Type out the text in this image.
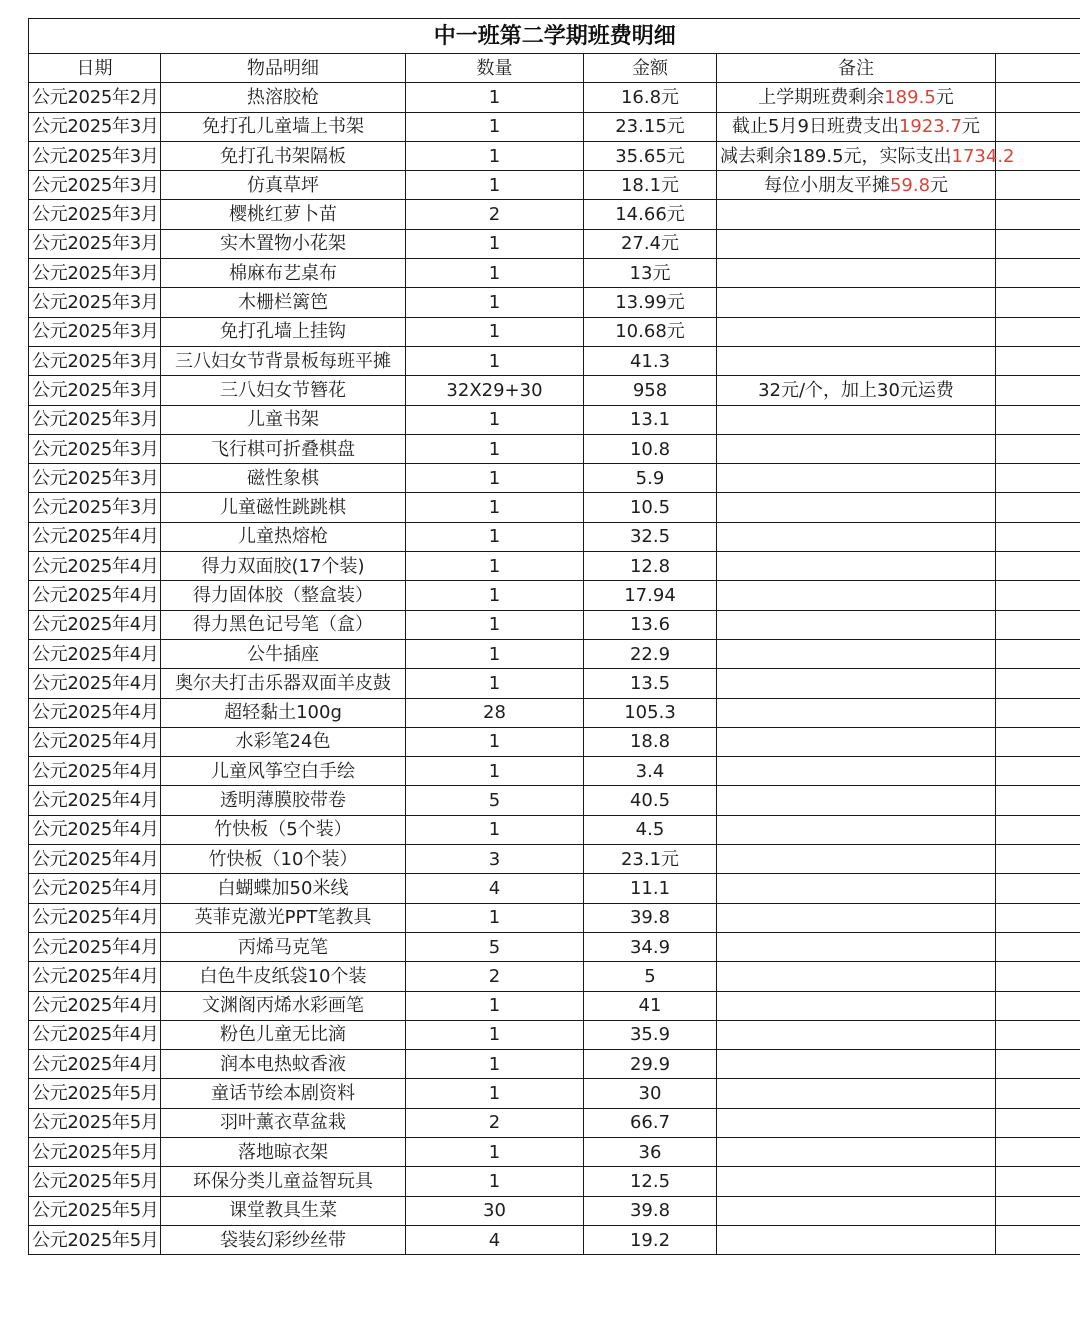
中一班第二学期班费明细					
日期	物品明细	数量	金额	备注	
公元2025年2月	热溶胶枪	1	16.8元	上学期班费剩余189.5元	
公元2025年3月	免打孔儿童墙上书架	1	23.15元	截止5月9日班费支出1923.7元	
公元2025年3月	免打孔书架隔板	1	35.65元	减去剩余189.5元，实际支出1734.2	
公元2025年3月	仿真草坪	1	18.1元	每位小朋友平摊59.8元	
公元2025年3月	樱桃红萝卜苗	2	14.66元		
公元2025年3月	实木置物小花架	1	27.4元		
公元2025年3月	棉麻布艺桌布	1	13元		
公元2025年3月	木栅栏篱笆	1	13.99元		
公元2025年3月	免打孔墙上挂钩	1	10.68元		
公元2025年3月	三八妇女节背景板每班平摊	1	41.3		
公元2025年3月	三八妇女节簪花	32X29+30	958	32元/个，加上30元运费	
公元2025年3月	儿童书架	1	13.1		
公元2025年3月	飞行棋可折叠棋盘	1	10.8		
公元2025年3月	磁性象棋	1	5.9		
公元2025年3月	儿童磁性跳跳棋	1	10.5		
公元2025年4月	儿童热熔枪	1	32.5		
公元2025年4月	得力双面胶(17个装)	1	12.8		
公元2025年4月	得力固体胶（整盒装）	1	17.94		
公元2025年4月	得力黑色记号笔（盒）	1	13.6		
公元2025年4月	公牛插座	1	22.9		
公元2025年4月	奥尔夫打击乐器双面羊皮鼓	1	13.5		
公元2025年4月	超轻黏土100g	28	105.3		
公元2025年4月	水彩笔24色	1	18.8		
公元2025年4月	儿童风筝空白手绘	1	3.4		
公元2025年4月	透明薄膜胶带卷	5	40.5		
公元2025年4月	竹快板（5个装）	1	4.5		
公元2025年4月	竹快板（10个装）	3	23.1元		
公元2025年4月	白蝴蝶加50米线	4	11.1		
公元2025年4月	英菲克激光PPT笔教具	1	39.8		
公元2025年4月	丙烯马克笔	5	34.9		
公元2025年4月	白色牛皮纸袋10个装	2	5		
公元2025年4月	文渊阁丙烯水彩画笔	1	41		
公元2025年4月	粉色儿童无比滴	1	35.9		
公元2025年4月	润本电热蚊香液	1	29.9		
公元2025年5月	童话节绘本剧资料	1	30		
公元2025年5月	羽叶薰衣草盆栽	2	66.7		
公元2025年5月	落地晾衣架	1	36		
公元2025年5月	环保分类儿童益智玩具	1	12.5		
公元2025年5月	课堂教具生菜	30	39.8		
公元2025年5月	袋装幻彩纱丝带	4	19.2		
